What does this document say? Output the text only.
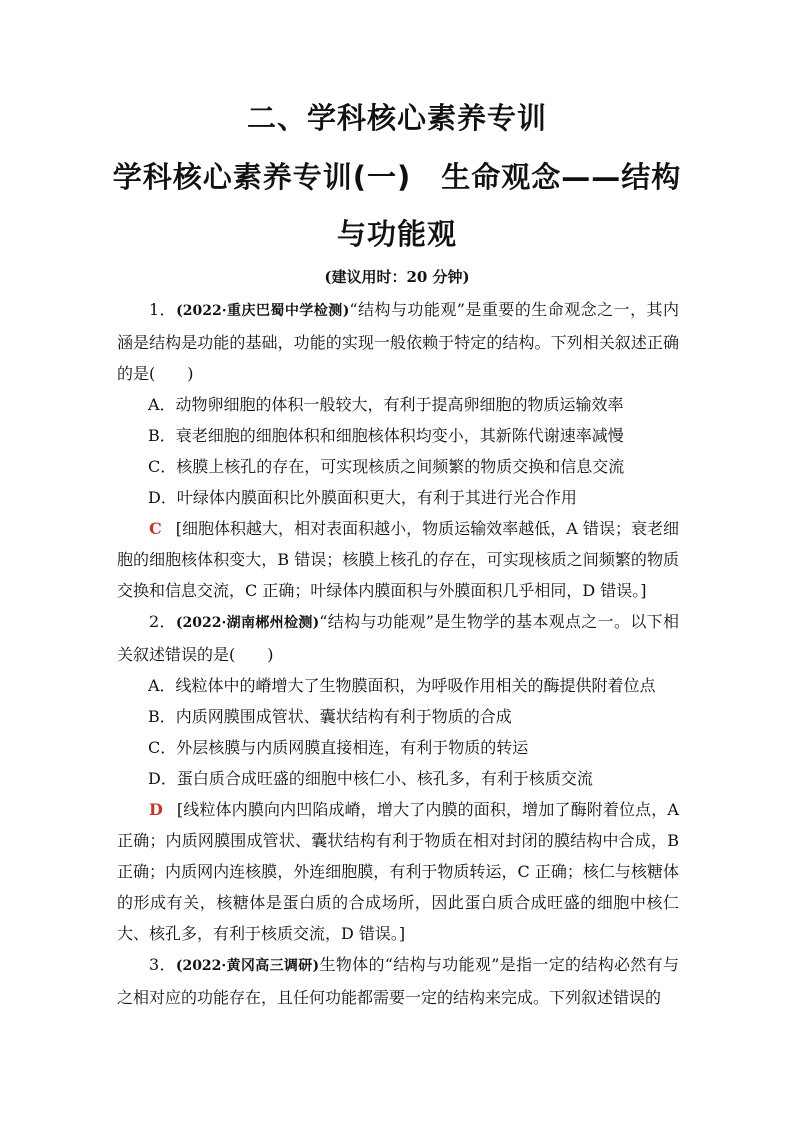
二、学科核心素养专训
学科核心素养专训(一)　生命观念——结构
与功能观
(建议用时：20 分钟)

1．(2022·重庆巴蜀中学检测)“结构与功能观”是重要的生命观念之一，其内涵是结构是功能的基础，功能的实现一般依赖于特定的结构。下列相关叙述正确的是(　　)

A．动物卵细胞的体积一般较大，有利于提高卵细胞的物质运输效率

B．衰老细胞的细胞体积和细胞核体积均变小，其新陈代谢速率减慢

C．核膜上核孔的存在，可实现核质之间频繁的物质交换和信息交流

D．叶绿体内膜面积比外膜面积更大，有利于其进行光合作用

C [细胞体积越大，相对表面积越小，物质运输效率越低，A 错误；衰老细胞的细胞核体积变大，B 错误；核膜上核孔的存在，可实现核质之间频繁的物质交换和信息交流，C 正确；叶绿体内膜面积与外膜面积几乎相同，D 错误。]

2．(2022·湖南郴州检测)“结构与功能观”是生物学的基本观点之一。以下相关叙述错误的是(　　)

A．线粒体中的嵴增大了生物膜面积，为呼吸作用相关的酶提供附着位点

B．内质网膜围成管状、囊状结构有利于物质的合成

C．外层核膜与内质网膜直接相连，有利于物质的转运

D．蛋白质合成旺盛的细胞中核仁小、核孔多，有利于核质交流

D [线粒体内膜向内凹陷成嵴，增大了内膜的面积，增加了酶附着位点，A 正确；内质网膜围成管状、囊状结构有利于物质在相对封闭的膜结构中合成，B 正确；内质网内连核膜，外连细胞膜，有利于物质转运，C 正确；核仁与核糖体的形成有关，核糖体是蛋白质的合成场所，因此蛋白质合成旺盛的细胞中核仁大、核孔多，有利于核质交流，D 错误。]

3．(2022·黄冈高三调研)生物体的“结构与功能观”是指一定的结构必然有与之相对应的功能存在，且任何功能都需要一定的结构来完成。下列叙述错误的
